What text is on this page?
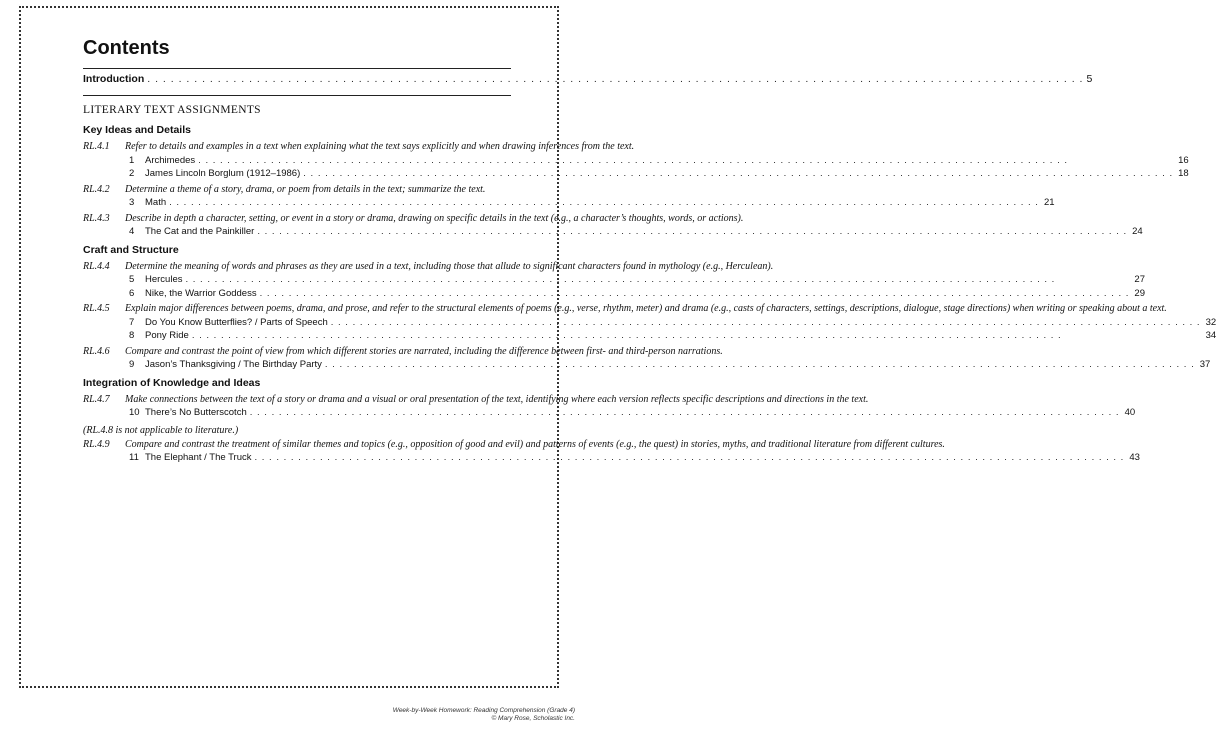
Contents
Introduction . . . . . . . . . . . . . . . . . . . . . . . . . . . . . . . . . . . . . . . . . . . . . . . . . . . . . . . . . . . . . . . . . . . . . . . . . . . . . . . . . . . . . . . . . . . . . . . . . . . . . . . . . . . . . . . . . . . . . . . . 5
LITERARY TEXT ASSIGNMENTS
Key Ideas and Details
RL.4.1	Refer to details and examples in a text when explaining what the text says explicitly and when drawing inferences from the text.
1	Archimedes . . . . . . . . . . . . . . . . . . . . . . . . . . . . . . . . . . . . . . . . . . . . . . . . . . . . . . . . . . . . . . . . . . . . . . . . . . . . . . . . . . . . . . . . . . . . . . . . . . . . . . . . . . . . . . . . . . . . . . . .	16
2	James Lincoln Borglum (1912–1986) . . . . . . . . . . . . . . . . . . . . . . . . . . . . . . . . . . . . . . . . . . . . . . . . . . . . . . . . . . . . . . . . . . . . . . . . . . . . . . . . . . . . . . . . . . . . . . . . . . . . . . . . . . . . . . . . . . . . . . . . 18
RL.4.2	Determine a theme of a story, drama, or poem from details in the text; summarize the text.
3	Math . . . . . . . . . . . . . . . . . . . . . . . . . . . . . . . . . . . . . . . . . . . . . . . . . . . . . . . . . . . . . . . . . . . . . . . . . . . . . . . . . . . . . . . . . . . . . . . . . . . . . . . . . . . . . . . . . . . . . . . . 21
RL.4.3	Describe in depth a character, setting, or event in a story or drama, drawing on specific details in the text (e.g., a character’s thoughts, words, or actions).
4	The Cat and the Painkiller . . . . . . . . . . . . . . . . . . . . . . . . . . . . . . . . . . . . . . . . . . . . . . . . . . . . . . . . . . . . . . . . . . . . . . . . . . . . . . . . . . . . . . . . . . . . . . . . . . . . . . . . . . . . . . . . . . . . . . . . 24
Craft and Structure
RL.4.4	Determine the meaning of words and phrases as they are used in a text, including those that allude to significant characters found in mythology (e.g., Herculean).
5	Hercules . . . . . . . . . . . . . . . . . . . . . . . . . . . . . . . . . . . . . . . . . . . . . . . . . . . . . . . . . . . . . . . . . . . . . . . . . . . . . . . . . . . . . . . . . . . . . . . . . . . . . . . . . . . . . . . . . . . . . . . .	27
6	Nike, the Warrior Goddess . . . . . . . . . . . . . . . . . . . . . . . . . . . . . . . . . . . . . . . . . . . . . . . . . . . . . . . . . . . . . . . . . . . . . . . . . . . . . . . . . . . . . . . . . . . . . . . . . . . . . . . . . . . . . . . . . . . . . . . . 29
RL.4.5	Explain major differences between poems, drama, and prose, and refer to the structural elements of poems (e.g., verse, rhythm, meter) and drama (e.g., casts of characters, settings, descriptions, dialogue, stage directions) when writing or speaking about a text.
7	Do You Know Butterflies? / Parts of Speech . . . . . . . . . . . . . . . . . . . . . . . . . . . . . . . . . . . . . . . . . . . . . . . . . . . . . . . . . . . . . . . . . . . . . . . . . . . . . . . . . . . . . . . . . . . . . . . . . . . . . . . . . . . . . . . . . . . . . . . . 32
8	Pony Ride . . . . . . . . . . . . . . . . . . . . . . . . . . . . . . . . . . . . . . . . . . . . . . . . . . . . . . . . . . . . . . . . . . . . . . . . . . . . . . . . . . . . . . . . . . . . . . . . . . . . . . . . . . . . . . . . . . . . . . . .	34
RL.4.6	Compare and contrast the point of view from which different stories are narrated, including the difference between first- and third-person narrations.
9	Jason’s Thanksgiving / The Birthday Party . . . . . . . . . . . . . . . . . . . . . . . . . . . . . . . . . . . . . . . . . . . . . . . . . . . . . . . . . . . . . . . . . . . . . . . . . . . . . . . . . . . . . . . . . . . . . . . . . . . . . . . . . . . . . . . . . . . . . . . . 37
Integration of Knowledge and Ideas
RL.4.7	Make connections between the text of a story or drama and a visual or oral presentation of the text, identifying where each version reflects specific descriptions and directions in the text.
10 There’s No Butterscotch . . . . . . . . . . . . . . . . . . . . . . . . . . . . . . . . . . . . . . . . . . . . . . . . . . . . . . . . . . . . . . . . . . . . . . . . . . . . . . . . . . . . . . . . . . . . . . . . . . . . . . . . . . . . . . . . . . . . . . . . 40
(RL.4.8 is not applicable to literature.)
RL.4.9	Compare and contrast the treatment of similar themes and topics (e.g., opposition of good and evil) and patterns of events (e.g., the quest) in stories, myths, and traditional literature from different cultures.
11 The Elephant / The Truck . . . . . . . . . . . . . . . . . . . . . . . . . . . . . . . . . . . . . . . . . . . . . . . . . . . . . . . . . . . . . . . . . . . . . . . . . . . . . . . . . . . . . . . . . . . . . . . . . . . . . . . . . . . . . . . . . . . . . . . . 43
Week-by-Week Homework: Reading Comprehension (Grade 4)
© Mary Rose, Scholastic Inc.
